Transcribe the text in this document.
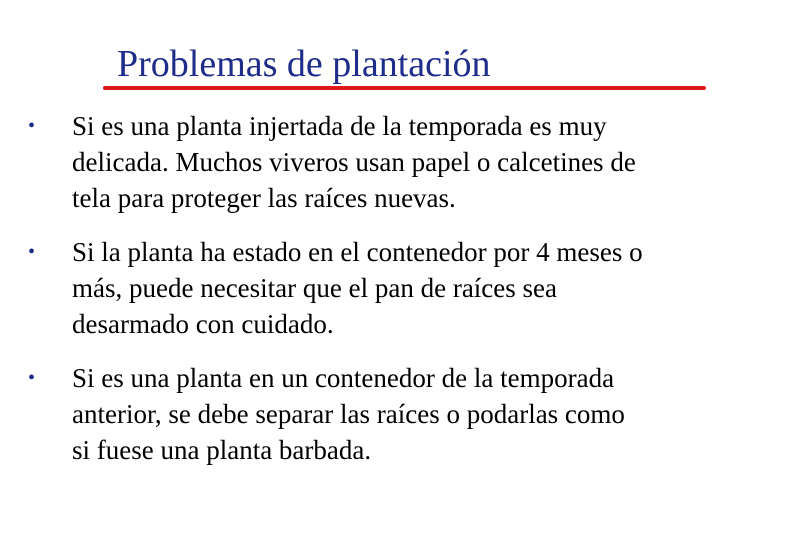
Problemas de plantación
•	Si es una planta injertada de la temporada es muy
delicada. Muchos viveros usan papel o calcetines de
tela para proteger las raíces nuevas.
•	Si la planta ha estado en el contenedor por 4 meses o
más, puede necesitar que el pan de raíces sea
desarmado con cuidado.
•	Si es una planta en un contenedor de la temporada
anterior, se debe separar las raíces o podarlas como
si fuese una planta barbada.
